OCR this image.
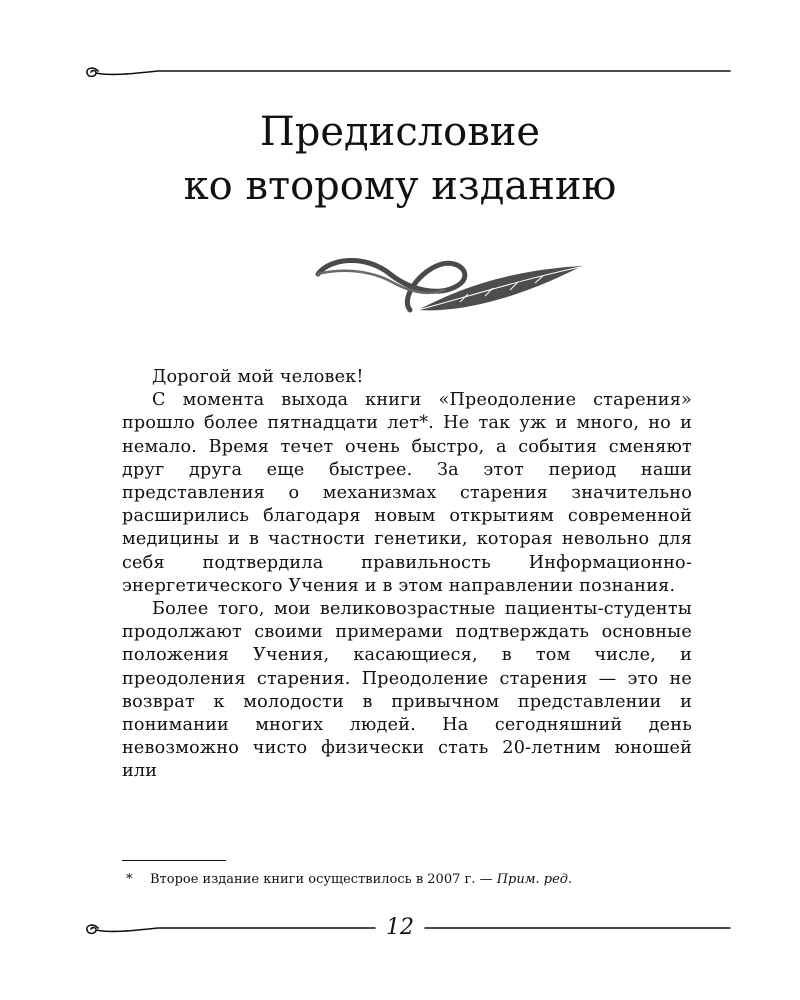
Предисловие
ко второму изданию

Дорогой мой человек!

С момента выхода книги «Преодоление старения» прошло более пятнадцати лет*. Не так уж и много, но и немало. Время течет очень быстро, а события сменяют друг друга еще быстрее. За этот период наши представления о механизмах старения значительно расширились благодаря новым открытиям современной медицины и в частности генетики, которая невольно для себя подтвердила правильность Информационно-энергетического Учения и в этом направлении познания.

Более того, мои великовозрастные пациенты-студенты продолжают своими примерами подтверждать основные положения Учения, касающиеся, в том числе, и преодоления старения. Преодоление старения — это не возврат к молодости в привычном представлении и понимании многих людей. На сегодняшний день невозможно чисто физически стать 20-летним юношей или

* Второе издание книги осуществилось в 2007 г. — Прим. ред.
12
